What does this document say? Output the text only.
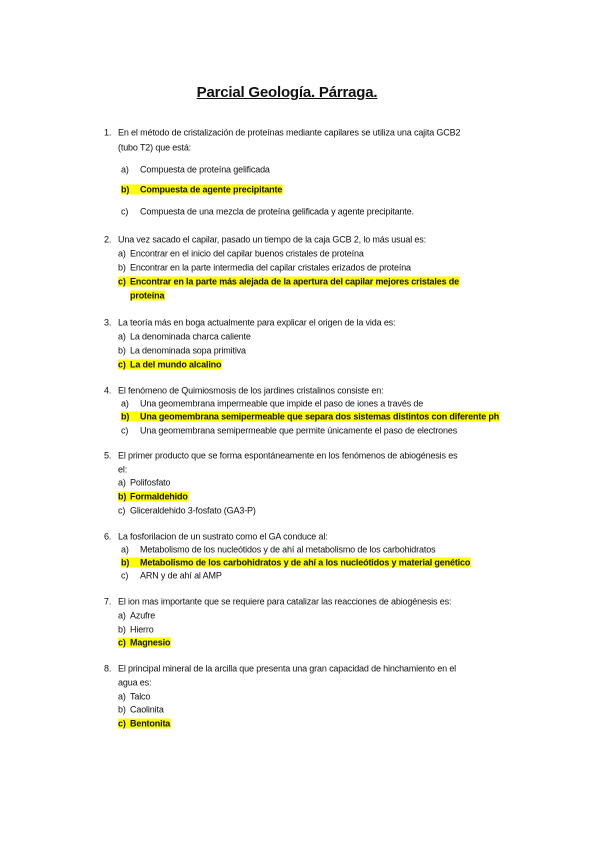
Parcial Geología. Párraga.
1. En el método de cristalización de proteínas mediante capilares se utiliza una cajita GCB2
(tubo T2) que está:
a) Compuesta de proteína gelificada
b) Compuesta de agente precipitante
c) Compuesta de una mezcla de proteína gelificada y agente precipitante.
2. Una vez sacado el capilar, pasado un tiempo de la caja GCB 2, lo más usual es:
a) Encontrar en el inicio del capilar buenos cristales de proteína
b) Encontrar en la parte intermedia del capilar cristales erizados de proteína
c) Encontrar en la parte más alejada de la apertura del capilar mejores cristales de
proteína
3. La teoría más en boga actualmente para explicar el origen de la vida es:
a) La denominada charca caliente
b) La denominada sopa primitiva
c) La del mundo alcalino
4. El fenómeno de Quimiosmosis de los jardines cristalinos consiste en:
a) Una geomembrana impermeable que impide el paso de iones a través de
b) Una geomembrana semipermeable que separa dos sistemas distintos con diferente ph
c) Una geomembrana semipermeable que permite únicamente el paso de electrones
5. El primer producto que se forma espontáneamente en los fenómenos de abiogénesis es
el:
a) Polifosfato
b) Formaldehido
c) Gliceraldehido 3-fosfato (GA3-P)
6. La fosforilacion de un sustrato como el GA conduce al:
a) Metabolismo de los nucleótidos y de ahí al metabolismo de los carbohidratos
b) Metabolismo de los carbohidratos y de ahí a los nucleótidos y material genético
c) ARN y de ahí al AMP
7. El ion mas importante que se requiere para catalizar las reacciones de abiogénesis es:
a) Azufre
b) Hierro
c) Magnesio
8. El principal mineral de la arcilla que presenta una gran capacidad de hinchamiento en el
agua es:
a) Talco
b) Caolinita
c) Bentonita
